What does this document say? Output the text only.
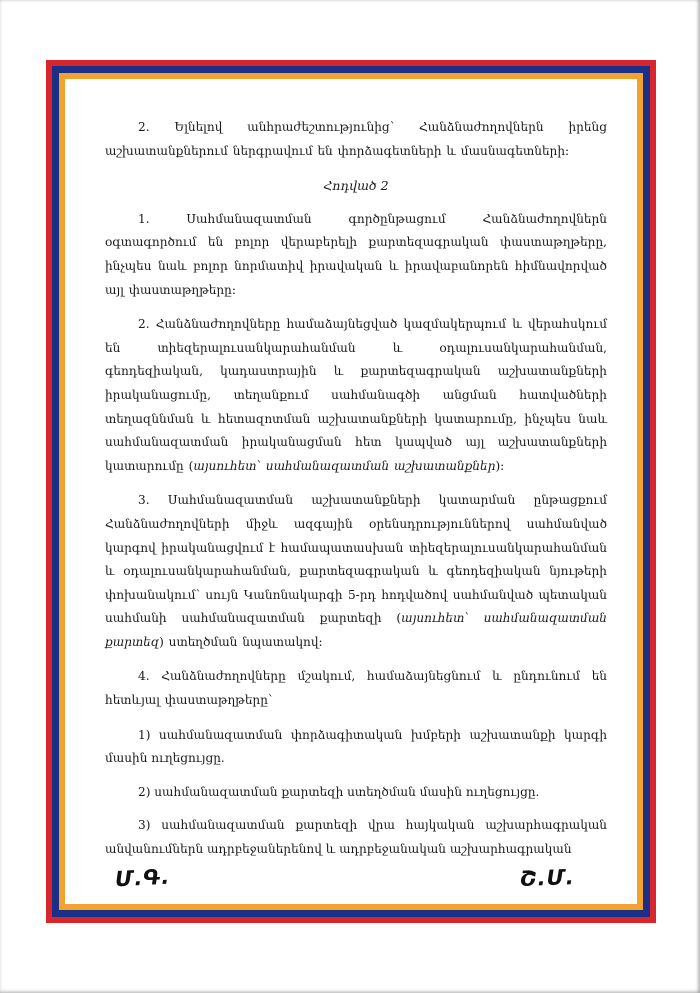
2. Ելնելով անհրաժեշտությունից՝ Հանձնաժողովներն իրենց աշխատանքներում ներգրավում են փորձագետների և մասնագետների։

Հոդված 2

1. Սահմանազատման գործընթացում Հանձնաժողովներն օգտագործում են բոլոր վերաբերելի քարտեզագրական փաստաթղթերը, ինչպես նաև բոլոր նորմատիվ իրավական և իրավաբանորեն հիմնավորված այլ փաստաթղթերը։

2. Հանձնաժողովները համաձայնեցված կազմակերպում և վերահսկում են տիեզերալուսանկարահանման և օդալուսանկարահանման, գեոդեզիական, կադաստրային և քարտեզագրական աշխատանքների իրականացումը, տեղանքում սահմանագծի անցման հատվածների տեղազննման և հետազոտման աշխատանքների կատարումը, ինչպես նաև սահմանազատման իրականացման հետ կապված այլ աշխատանքների կատարումը (այսուհետ՝ սահմանազատման աշխատանքներ)։

3. Սահմանազատման աշխատանքների կատարման ընթացքում Հանձնաժողովների միջև ազգային օրենսդրություններով սահմանված կարգով իրականացվում է համապատասխան տիեզերալուսանկարահանման և օդալուսանկարահանման, քարտեզագրական և գեոդեզիական նյութերի փոխանակում՝ սույն Կանոնակարգի 5-րդ հոդվածով սահմանված պետական սահմանի սահմանազատման քարտեզի (այսուհետ՝ սահմանազատման քարտեզ) ստեղծման նպատակով։

4. Հանձնաժողովները մշակում, համաձայնեցնում և ընդունում են հետևյալ փաստաթղթերը՝

1) սահմանազատման փորձագիտական խմբերի աշխատանքի կարգի մասին ուղեցույցը.

2) սահմանազատման քարտեզի ստեղծման մասին ուղեցույցը.

3) սահմանազատման քարտեզի վրա հայկական աշխարհագրական անվանումներն ադրբեջաներենով և ադրբեջանական աշխարհագրական

Մ.Գ.	Շ.Մ.
